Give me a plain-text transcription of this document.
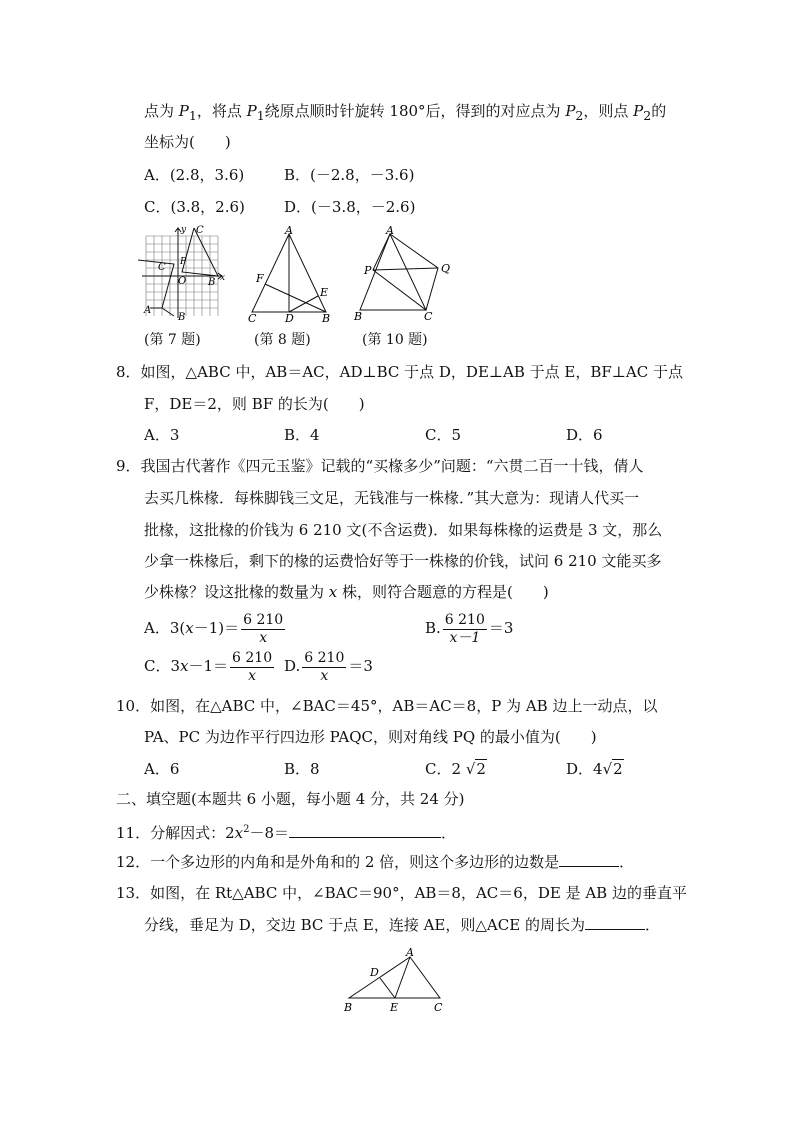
点为 $P_1$，将点 $P_1$绕原点顺时针旋转 180°后，得到的对应点为 $P_2$，则点 $P_2$的
坐标为(　　)
A．(2.8，3.6)	B．(－2.8，－3.6)
C．(3.8，2.6)	D．(－3.8，－2.6)
y
x
C
C P
O B
A
B
(第 7 题)
A
F
E
C	D	B
(第 8 题)
A
P	Q
B	C
(第 10 题)
8．如图，△ABC 中，AB＝AC，AD⊥BC 于点 D，DE⊥AB 于点 E，BF⊥AC 于点
F，DE＝2，则 BF 的长为(　　)
A．3	B．4	C．5	D．6
9．我国古代著作《四元玉鉴》记载的“买椽多少”问题：“六贯二百一十钱，倩人
去买几株椽．每株脚钱三文足，无钱准与一株椽．”其大意为：现请人代买一
批椽，这批椽的价钱为 6 210 文(不含运费)．如果每株椽的运费是 3 文，那么
少拿一株椽后，剩下的椽的运费恰好等于一株椽的价钱，试问 6 210 文能买多
少株椽？设这批椽的数量为 x 株，则符合题意的方程是(　　)
A．$3(x-1)= \frac{6 210}{x}$	B. $\frac{6 210}{x-1} =3$
C．$3x-1= \frac{6 210}{x} D$. $\frac{6 210}{x} =3$
10．如图，在△ABC 中，∠BAC＝45°，AB＝AC＝8，P 为 AB 边上一动点，以
PA、PC 为边作平行四边形 PAQC，则对角线 PQ 的最小值为(　　)
A．6	B．8	C．2 √2	D．4√2
二、填空题(本题共 6 小题，每小题 4 分，共 24 分)
11．分解因式：$2x^2-8=$	．
12．一个多边形的内角和是外角和的 2 倍，则这个多边形的边数是	．
13．如图，在 Rt△ABC 中，∠BAC＝90°，AB＝8，AC＝6，DE 是 AB 边的垂直平
分线，垂足为 D，交边 BC 于点 E，连接 AE，则△ACE 的周长为	．
A
D
B	E	C
